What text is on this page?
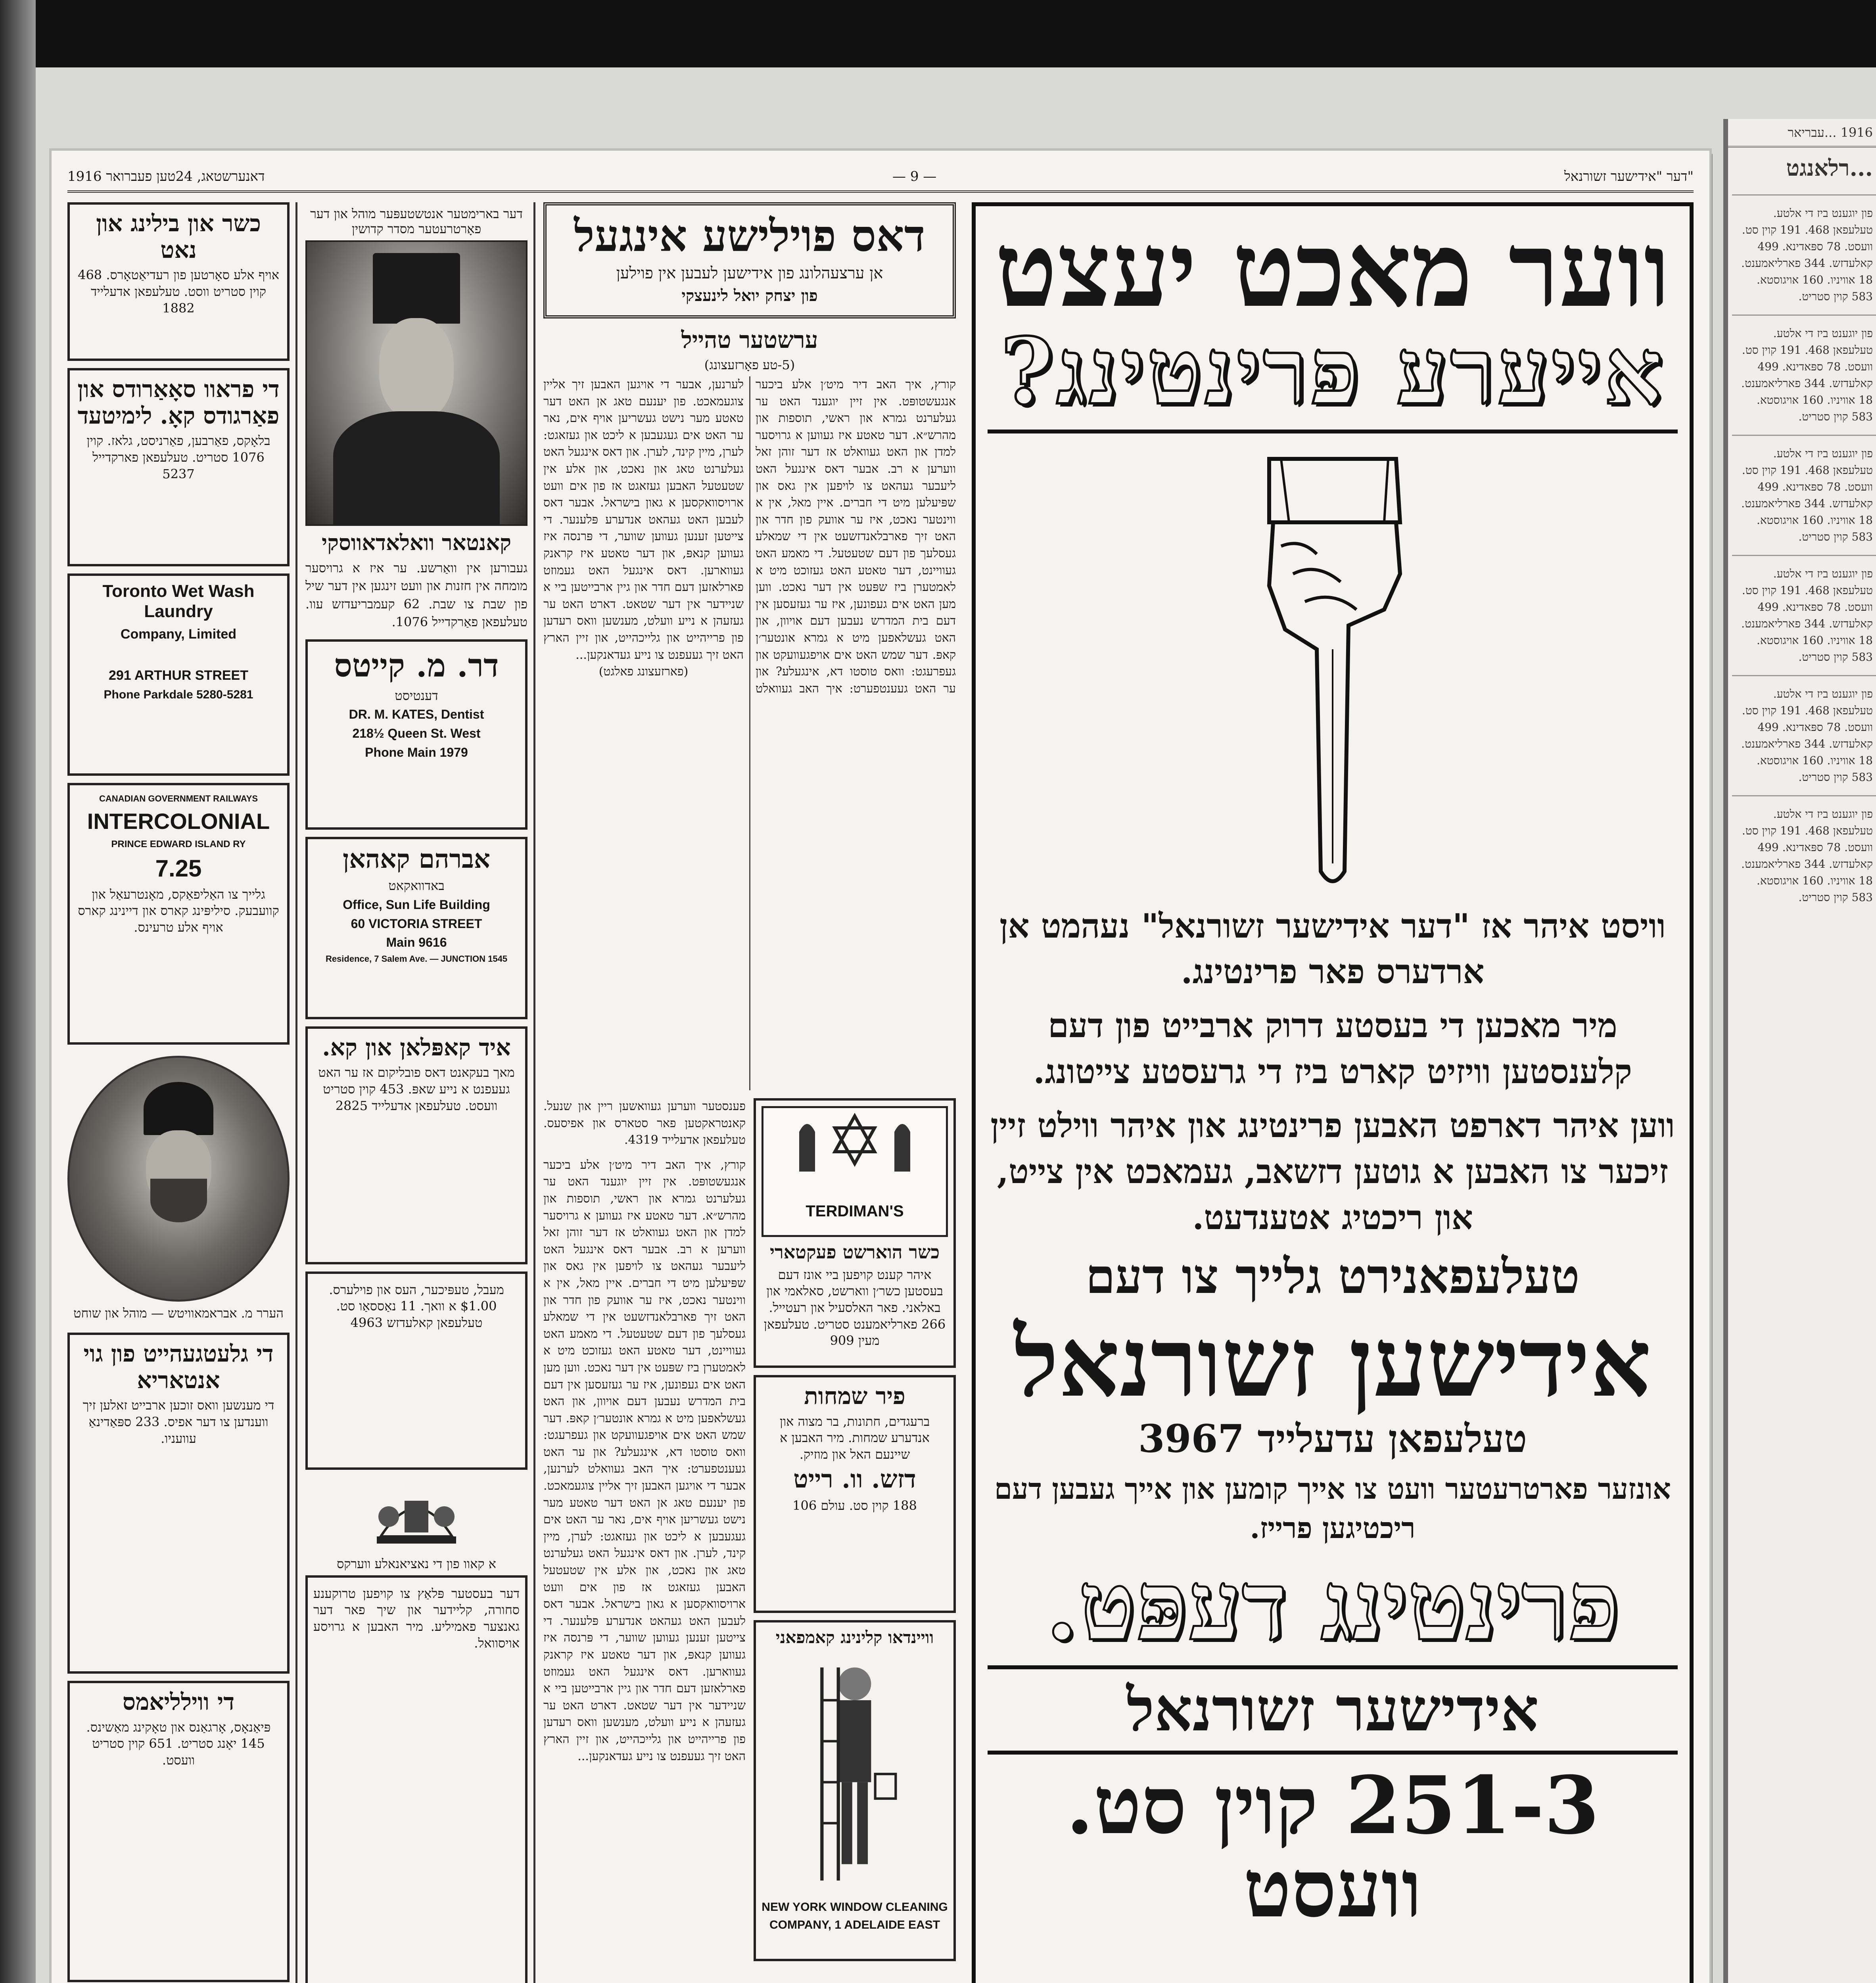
1916 דאנערשטאג, 24טען פעברואר	— 9 —	דער "אידישער זשורנאל"
כשר און בילינג און נאט

אויף אלע סאָרטען פון רעדיאַטאָרס. 468 קוין סטריט ווסט. טעלעפאן אדעלייד 1882

די פראוו סאָאַרודס און פאַרגודס קאָ. לימיטעד

בלאָקס, פאַרבען, פאַרניסט, גלאז. קוין 1076 סטריט. טעלעפאן פארקדייל 5237

Toronto Wet Wash Laundry

Company, Limited

291 ARTHUR STREET

Phone Parkdale 5280-5281

CANADIAN GOVERNMENT RAILWAYS

INTERCOLONIAL

PRINCE EDWARD ISLAND RY

7.25

גלייך צו האַליפאַקס, מאָנטרעאַל און קוועבעק. סיליפּינג קארס און דיינינג קארס אויף אלע טרעינס.

הערר מ. אבראמאוויטש — מוהל און שוחט

די גלעטגעהייט פון גוי אנטאריא

די מענשען וואס זוכען ארבייט זאלען זיך ווענדען צו דער אפיס. 233 ספּאַדינאַ עוועניו.

די ווילליאמס

פּיאַנאָס, אָרגאַנס און טאָקינג מאַשינס. 145 יאָנג סטריט. 651 קוין סטריט וועסט.

דער בארימטער אנטשטעפּער מוהל און דער פאָרטרעטער מסדר קדושין

קאנטאר וואלאדאווסקי

געבורען אין וואַרשע. ער איז א גרויסער מומחה אין חזנות און וועט זינגען אין דער שיל פון שבת צו שבת. 62 קעמבריעדזש עוו. טעלעפאן פאַרקדייל 1076.

דר. מ. קייטס

דענטיסט

DR. M. KATES, Dentist

218½ Queen St. West

Phone Main 1979

אברהם קאהאן

באדוואקאט

Office, Sun Life Building

60 VICTORIA STREET

Main 9616

Residence, 7 Salem Ave. — JUNCTION 1545

איד קאפּלאן און קא.

מאך בעקאנט דאס פובליקום אז ער האט געעפנט א נייע שאפּ. 453 קוין סטריט וועסט. טעלעפאן אדעלייד 2825

מעבל, טעפּיכער, העס און פוילערס. $1.00 א וואך. 11 נאַססאַו סט. טעלעפאן קאלעדזש 4963

א קאוו פון די נאציאנאלע ווערקס

דער בעסטער פּלאַץ צו קויפען טרוקענע סחורה, קליידער און שיך פאר דער גאנצער פאמיליע. מיר האבען א גרויסע אויסוואל.

דאס פוילישע אינגעל

אן ערצעהלונג פון אידישען לעבען אין פוילען

פון יצחק יואל לינעצקי

ערשטער טהייל

(5-טע פאָרזעצונג)

קורץ, איך האב דיר מיט׳ן אלע ביכער אנגעשטופּט. אין זיין יוגענד האט ער געלערנט גמרא און ראשי, תוספות און מהרש״א. דער טאטע איז געווען א גרויסער למדן און האט געוואלט אז דער זוהן זאל ווערען א רב. אבער דאס אינגעל האט ליעבער געהאט צו לויפען אין גאס און שפּיעלען מיט די חברים. איין מאל, אין א ווינטער נאכט, איז ער אוועק פון חדר און האט זיך פארבלאנדזשעט אין די שמאלע געסלעך פון דעם שטעטעל. די מאמע האט געוויינט, דער טאטע האט געזוכט מיט א לאמטערן ביז שפּעט אין דער נאכט. ווען מען האט אים געפונען, איז ער געזעסען אין דעם בית המדרש נעבען דעם אויוון, און האט געשלאפען מיט א גמרא אונטער׳ן קאפּ. דער שמש האט אים אויפגעוועקט און געפרעגט: וואס טוסטו דא, אינגעלע? און ער האט געענטפערט: איך האב געוואלט לערנען, אבער די אויגען האבען זיך אליין צוגעמאכט. פון יענעם טאג אן האט דער טאטע מער נישט געשריען אויף אים, נאר ער האט אים געגעבען א ליכט און געזאגט: לערן, מיין קינד, לערן. און דאס אינגעל האט געלערנט טאג און נאכט, און אלע אין שטעטעל האבען געזאגט אז פון אים וועט ארויסוואקסען א גאון בישראל. אבער דאס לעבען האט געהאט אנדערע פּלענער. די צייטען זענען געווען שווער, די פּרנסה איז געווען קנאפּ, און דער טאטע איז קראנק געווארען. דאס אינגעל האט געמוזט פארלאזען דעם חדר און גיין ארבייטען ביי א שניידער אין דער שטאט. דארט האט ער געזעהן א נייע וועלט, מענשען וואס רעדען פון פרייהייט און גלייכהייט, און זיין הארץ האט זיך געעפנט צו נייע געדאנקען...

(פארזעצונג פאלגט)

TERDIMAN'S

כשר הוארשט פעקטארי

איהר קענט קויפען ביי אונז דעם בעסטען כשר׳ן ווארשט, סאלאמי און באלאני. פאר האלסעיל און רעטייל. 266 פארליאמענט סטריט. טעלעפאן מעין 909

פיר שמחות

ברעגדים, חתונות, בר מצוה און אנדערע שמחות. מיר האבען א שיינעם האל און מוזיק.

דזש. וו. רייט

188 קוין סט. עולם 106

וויינדאו קלינינג קאמפאני

NEW YORK WINDOW CLEANING

COMPANY, 1 ADELAIDE EAST

פענסטער ווערען געוואשען ריין און שנעל. קאנטראקטען פאר סטארס און אפיסעס. טעלעפאן אדעלייד 4319.

קורץ, איך האב דיר מיט׳ן אלע ביכער אנגעשטופּט. אין זיין יוגענד האט ער געלערנט גמרא און ראשי, תוספות און מהרש״א. דער טאטע איז געווען א גרויסער למדן און האט געוואלט אז דער זוהן זאל ווערען א רב. אבער דאס אינגעל האט ליעבער געהאט צו לויפען אין גאס און שפּיעלען מיט די חברים. איין מאל, אין א ווינטער נאכט, איז ער אוועק פון חדר און האט זיך פארבלאנדזשעט אין די שמאלע געסלעך פון דעם שטעטעל. די מאמע האט געוויינט, דער טאטע האט געזוכט מיט א לאמטערן ביז שפּעט אין דער נאכט. ווען מען האט אים געפונען, איז ער געזעסען אין דעם בית המדרש נעבען דעם אויוון, און האט געשלאפען מיט א גמרא אונטער׳ן קאפּ. דער שמש האט אים אויפגעוועקט און געפרעגט: וואס טוסטו דא, אינגעלע? און ער האט געענטפערט: איך האב געוואלט לערנען, אבער די אויגען האבען זיך אליין צוגעמאכט. פון יענעם טאג אן האט דער טאטע מער נישט געשריען אויף אים, נאר ער האט אים געגעבען א ליכט און געזאגט: לערן, מיין קינד, לערן. און דאס אינגעל האט געלערנט טאג און נאכט, און אלע אין שטעטעל האבען געזאגט אז פון אים וועט ארויסוואקסען א גאון בישראל. אבער דאס לעבען האט געהאט אנדערע פּלענער. די צייטען זענען געווען שווער, די פּרנסה איז געווען קנאפּ, און דער טאטע איז קראנק געווארען. דאס אינגעל האט געמוזט פארלאזען דעם חדר און גיין ארבייטען ביי א שניידער אין דער שטאט. דארט האט ער געזעהן א נייע וועלט, מענשען וואס רעדען פון פרייהייט און גלייכהייט, און זיין הארץ האט זיך געעפנט צו נייע געדאנקען...

ווער מאכט יעצט

אייערע פרינטינג?

וויסט איהר אז "דער אידישער זשורנאל" נעהמט אן ארדערס פאר פרינטינג.

מיר מאכען די בעסטע דרוק ארבייט פון דעם קלענסטען וויזיט קארט ביז די גרעסטע צייטונג.

ווען איהר דארפט האבען פרינטינג און איהר ווילט זיין זיכער צו האבען א גוטען דזשאב, געמאכט אין צייט, און ריכטיג אטענדעט.

טעלעפאנירט גלייך צו דעם

אידישען זשורנאל

טעלעפאן עדעלייד 3967

אונזער פארטרעטער וועט צו אייך קומען און אייך געבען דעם ריכטיגען פרייז.

פרינטינג דעפּט.

אידישער זשורנאל

251-3 קוין סט. וועסט

1916 ...עבריאר
...רלאנגט
פון יוגענט ביז די אלטע. טעלעפאן 468. 191 קוין סט. וועסט. 78 ספּאדינא. 499 קאלעדזש. 344 פארליאמענט. 18 אוויניו. 160 אויגוסטא. 583 קוין סטריט.
פון יוגענט ביז די אלטע. טעלעפאן 468. 191 קוין סט. וועסט. 78 ספּאדינא. 499 קאלעדזש. 344 פארליאמענט. 18 אוויניו. 160 אויגוסטא. 583 קוין סטריט.
פון יוגענט ביז די אלטע. טעלעפאן 468. 191 קוין סט. וועסט. 78 ספּאדינא. 499 קאלעדזש. 344 פארליאמענט. 18 אוויניו. 160 אויגוסטא. 583 קוין סטריט.
פון יוגענט ביז די אלטע. טעלעפאן 468. 191 קוין סט. וועסט. 78 ספּאדינא. 499 קאלעדזש. 344 פארליאמענט. 18 אוויניו. 160 אויגוסטא. 583 קוין סטריט.
פון יוגענט ביז די אלטע. טעלעפאן 468. 191 קוין סט. וועסט. 78 ספּאדינא. 499 קאלעדזש. 344 פארליאמענט. 18 אוויניו. 160 אויגוסטא. 583 קוין סטריט.
פון יוגענט ביז די אלטע. טעלעפאן 468. 191 קוין סט. וועסט. 78 ספּאדינא. 499 קאלעדזש. 344 פארליאמענט. 18 אוויניו. 160 אויגוסטא. 583 קוין סטריט.
